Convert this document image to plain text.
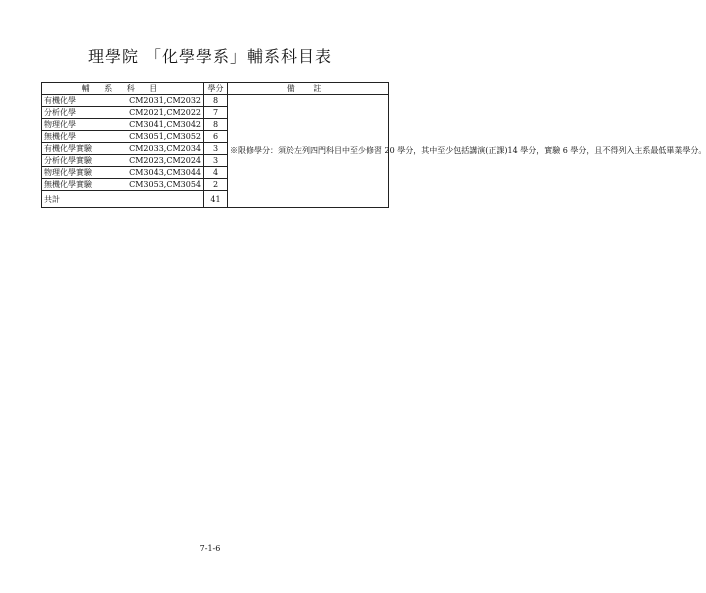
理學院 「化學學系」輔系科目表
輔 系 科 目	學分	備 註

有機化學 CM2031,CM2032	8	※限修學分：須於左列四門科目中至少修習 20 學分，其中至少包括講演(正課)14 學分，實驗 6 學分，且不得列入主系最低畢業學分。

分析化學 CM2021,CM2022	7	

物理化學 CM3041,CM3042	8	

無機化學 CM3051,CM3052	6	

有機化學實驗 CM2033,CM2034	3	

分析化學實驗 CM2023,CM2024	3	

物理化學實驗 CM3043,CM3044	4	

無機化學實驗 CM3053,CM3054	2	
共計	41	
7-1-6
